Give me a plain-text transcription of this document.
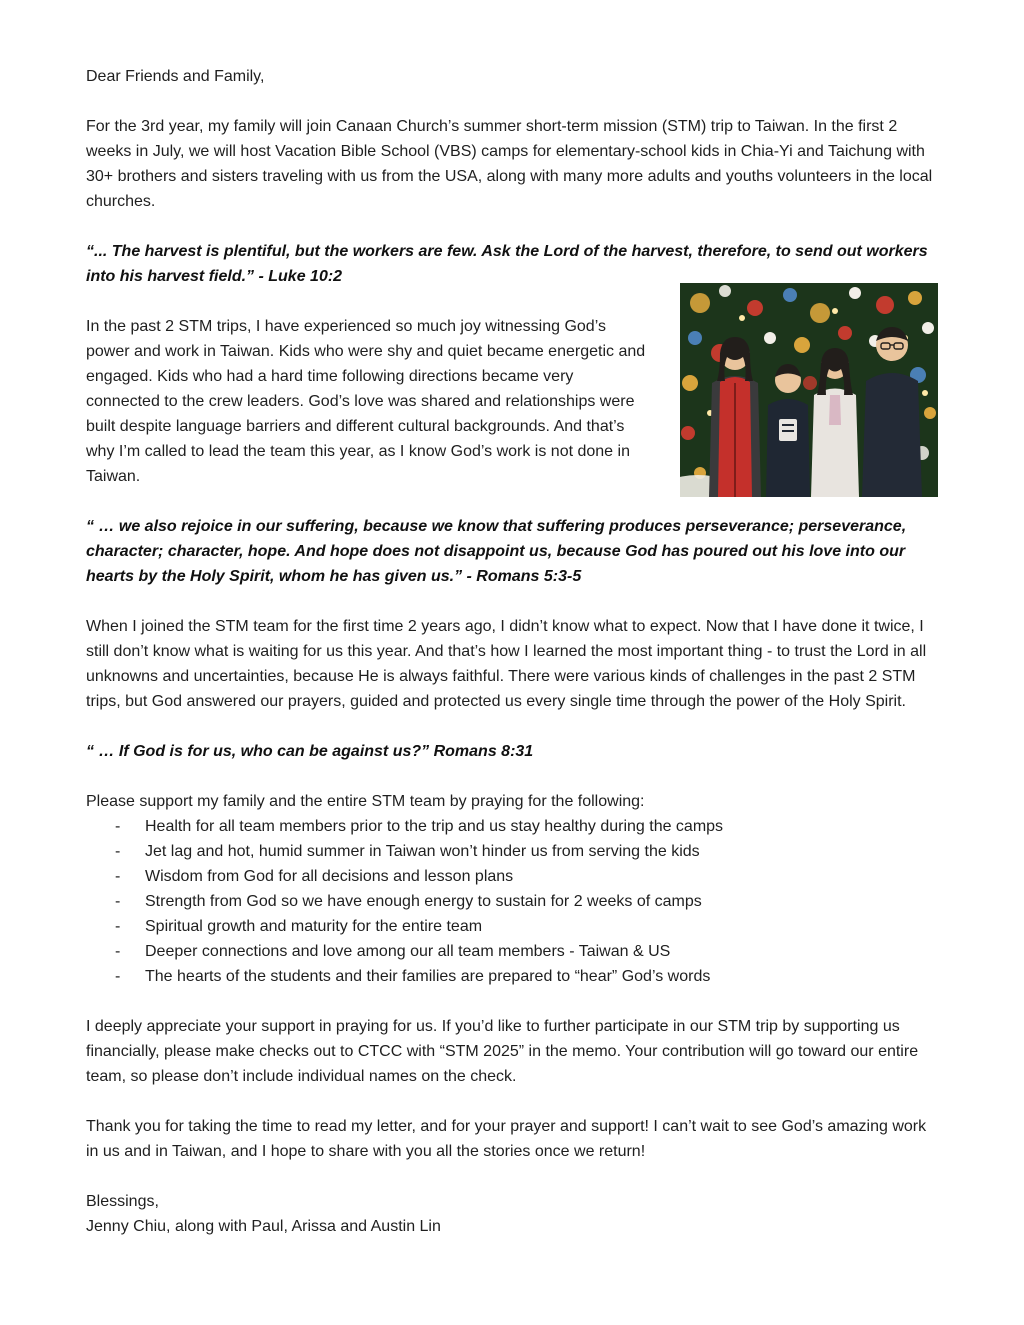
Dear Friends and Family,

For the 3rd year, my family will join Canaan Church’s summer short-term mission (STM) trip to Taiwan. In the first 2 weeks in July, we will host Vacation Bible School (VBS) camps for elementary-school kids in Chia-Yi and Taichung with 30+ brothers and sisters traveling with us from the USA, along with many more adults and youths volunteers in the local churches.

“... The harvest is plentiful, but the workers are few. Ask the Lord of the harvest, therefore, to send out workers into his harvest field.” - Luke 10:2

In the past 2 STM trips, I have experienced so much joy witnessing God’s power and work in Taiwan. Kids who were shy and quiet became energetic and engaged. Kids who had a hard time following directions became very connected to the crew leaders. God’s love was shared and relationships were built despite language barriers and different cultural backgrounds. And that’s why I’m called to lead the team this year, as I know God’s work is not done in Taiwan.

“ … we also rejoice in our suffering, because we know that suffering produces perseverance; perseverance, character; character, hope. And hope does not disappoint us, because God has poured out his love into our hearts by the Holy Spirit, whom he has given us.” - Romans 5:3-5

When I joined the STM team for the first time 2 years ago, I didn’t know what to expect. Now that I have done it twice, I still don’t know what is waiting for us this year. And that’s how I learned the most important thing - to trust the Lord in all unknowns and uncertainties, because He is always faithful. There were various kinds of challenges in the past 2 STM trips, but God answered our prayers, guided and protected us every single time through the power of the Holy Spirit.

“ … If God is for us, who can be against us?” Romans 8:31

Please support my family and the entire STM team by praying for the following:

-	Health for all team members prior to the trip and us stay healthy during the camps
-	Jet lag and hot, humid summer in Taiwan won’t hinder us from serving the kids
-	Wisdom from God for all decisions and lesson plans
-	Strength from God so we have enough energy to sustain for 2 weeks of camps
-	Spiritual growth and maturity for the entire team
-	Deeper connections and love among our all team members - Taiwan & US
-	The hearts of the students and their families are prepared to “hear” God’s words

I deeply appreciate your support in praying for us. If you’d like to further participate in our STM trip by supporting us financially, please make checks out to CTCC with “STM 2025” in the memo. Your contribution will go toward our entire team, so please don’t include individual names on the check.

Thank you for taking the time to read my letter, and for your prayer and support! I can’t wait to see God’s amazing work in us and in Taiwan, and I hope to share with you all the stories once we return!

Blessings,

Jenny Chiu, along with Paul, Arissa and Austin Lin
